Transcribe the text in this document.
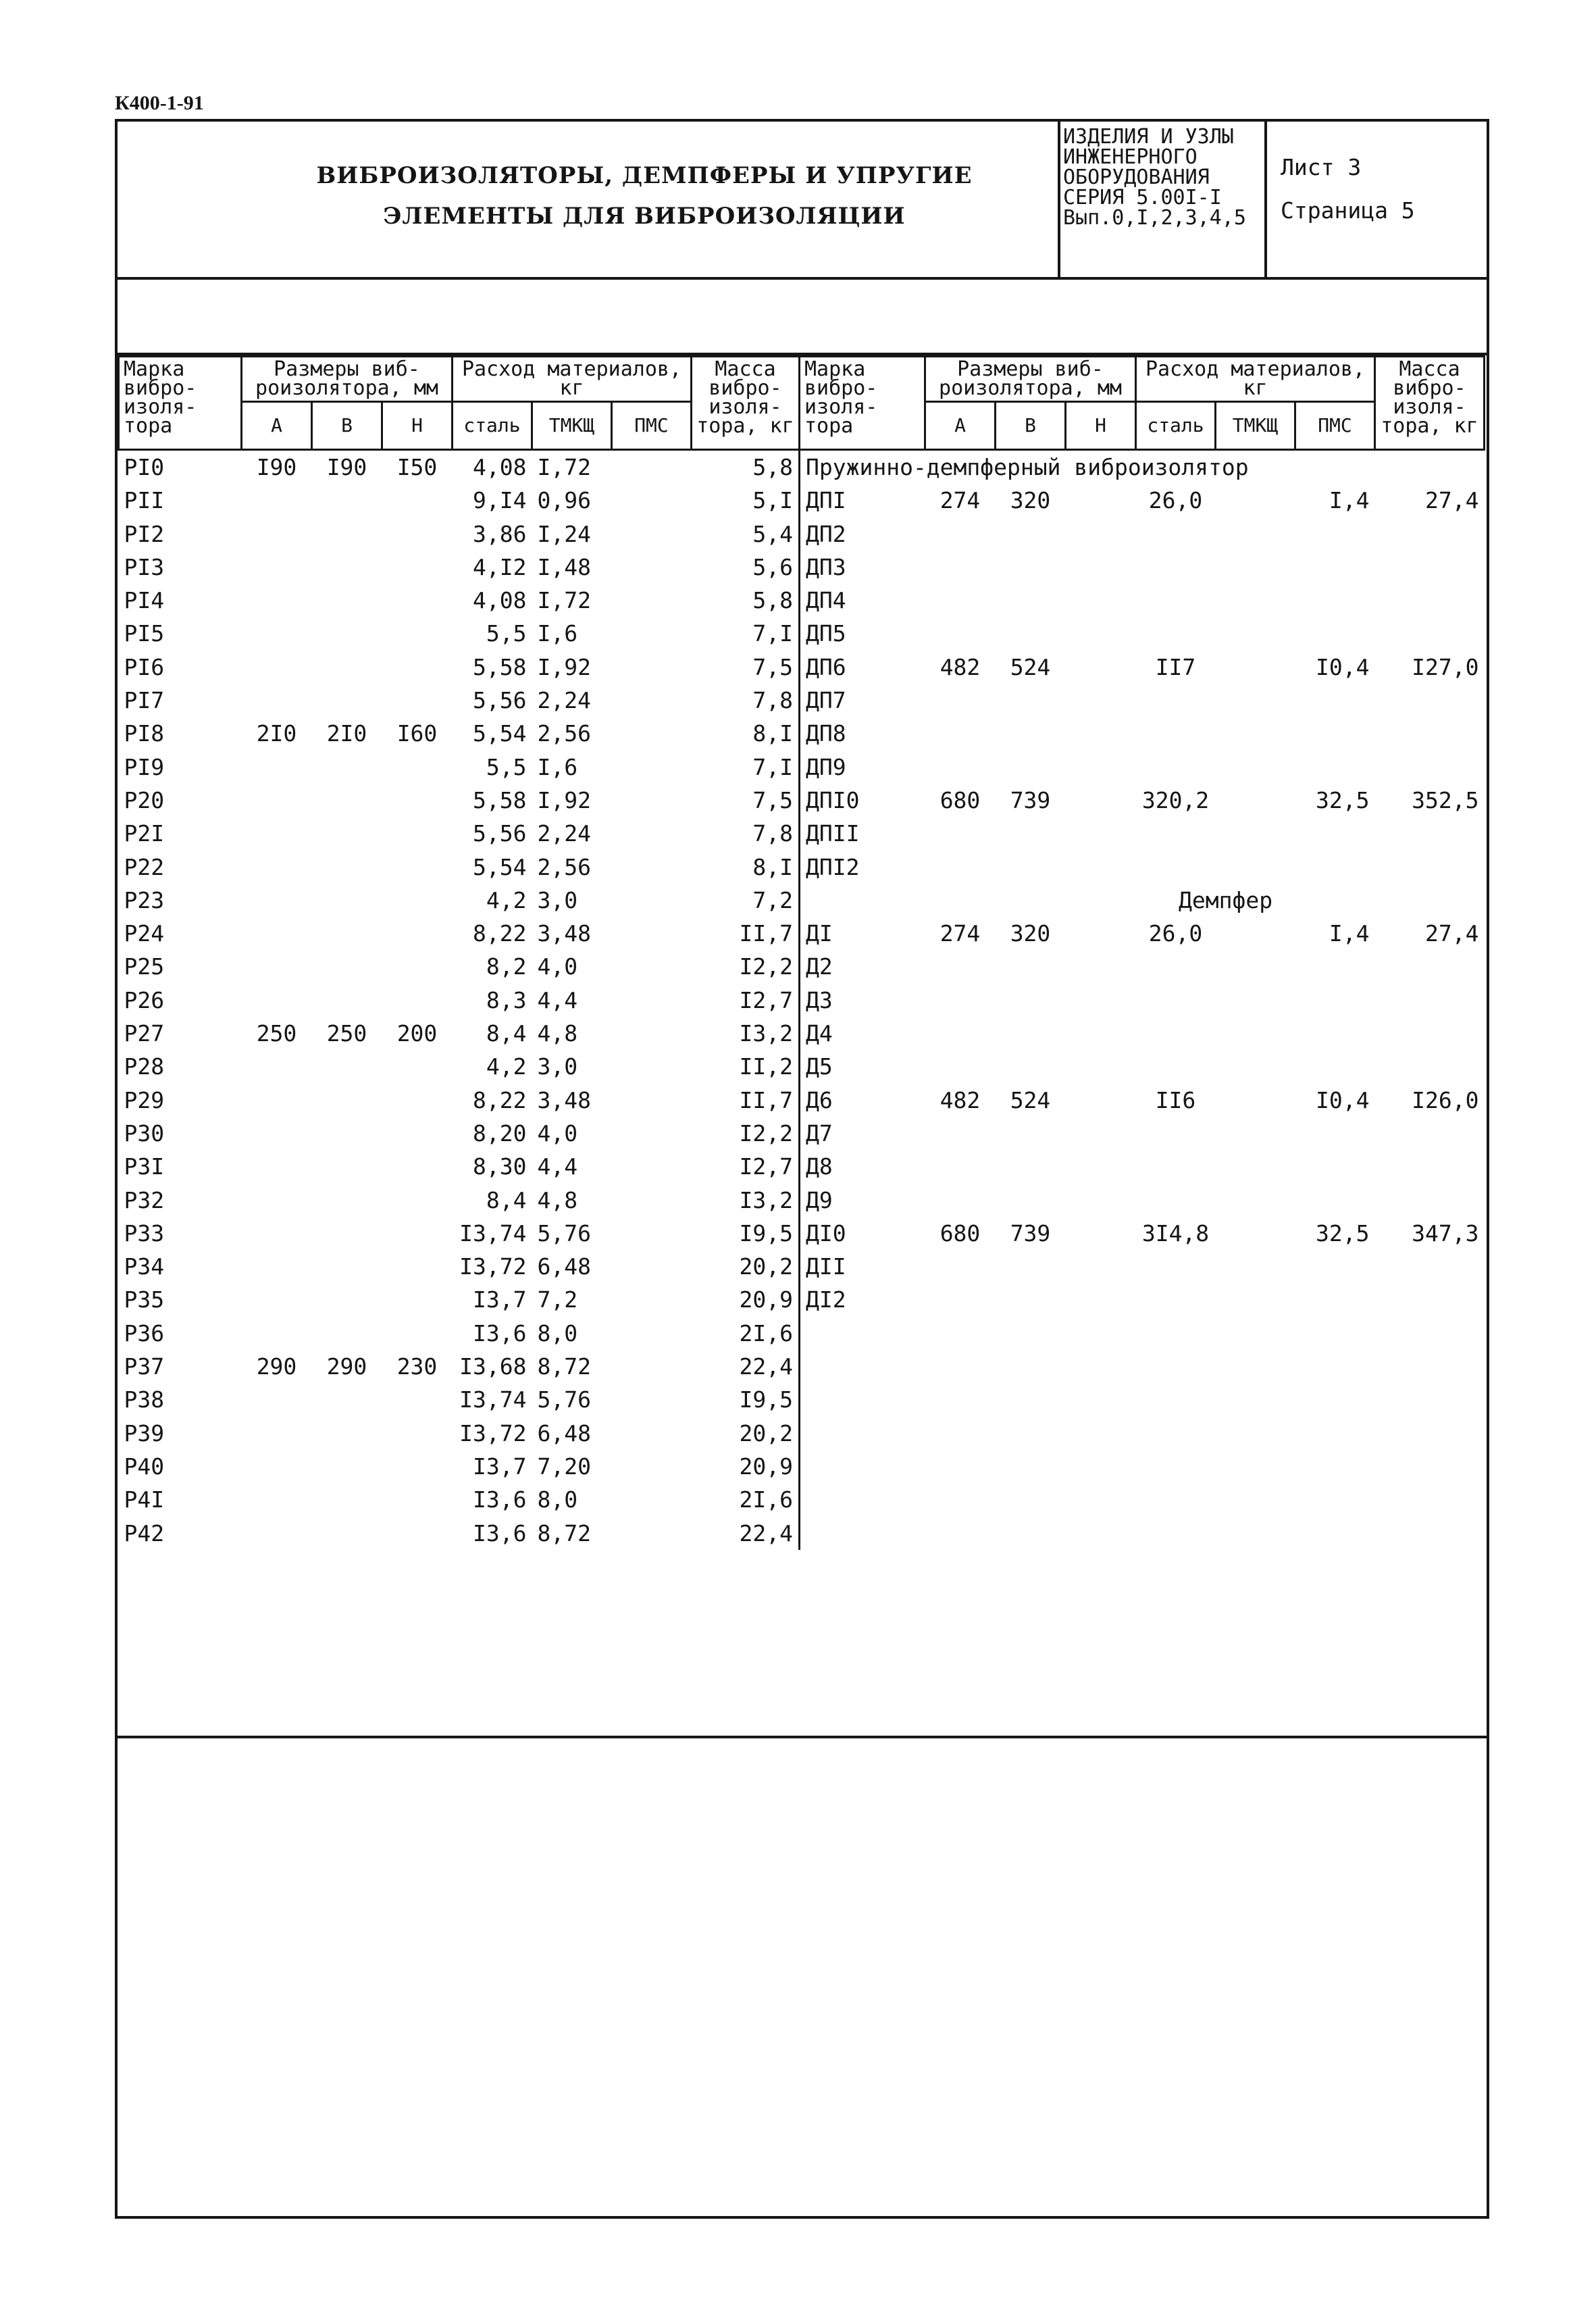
К400-1-91
ВИБРОИЗОЛЯТОРЫ, ДЕМПФЕРЫ И УПРУГИЕ
ЭЛЕМЕНТЫ ДЛЯ ВИБРОИЗОЛЯЦИИ
ИЗДЕЛИЯ И УЗЛЫ
ИНЖЕНЕРНОГО
ОБОРУДОВАНИЯ
СЕРИЯ 5.00I-I
Вып.0,I,2,3,4,5
Лист 3
Страница 5
Марка вибро- изоля- тора	Размеры виб- роизолятора, мм			Расход материалов, кг			Масса вибро- изоля- тора, кг	Марка вибро- изоля- тора	Размеры виб- роизолятора, мм			Расход материалов, кг			Масса вибро- изоля- тора, кг
	А	В	Н	сталь	ТМКЩ	ПМС			А	В	Н	сталь	ТМКЩ	ПМС	
PI0	I90	I90	I50	4,08	I,72		5,8	Пружинно-демпферный виброизолятор							
PII				9,I4	0,96		5,I	ДПI	274	320		26,0		I,4	27,4
PI2				3,86	I,24		5,4	ДП2							
PI3				4,I2	I,48		5,6	ДП3							
PI4				4,08	I,72		5,8	ДП4							
PI5				5,5	I,6		7,I	ДП5							
PI6				5,58	I,92		7,5	ДП6	482	524		II7		I0,4	I27,0
PI7				5,56	2,24		7,8	ДП7							
PI8	2I0	2I0	I60	5,54	2,56		8,I	ДП8							
PI9				5,5	I,6		7,I	ДП9							
P20				5,58	I,92		7,5	ДПI0	680	739		320,2		32,5	352,5
P2I				5,56	2,24		7,8	ДПII							
P22				5,54	2,56		8,I	ДПI2							
P23				4,2	3,0		7,2	Демпфер							
P24				8,22	3,48		II,7	ДI	274	320		26,0		I,4	27,4
P25				8,2	4,0		I2,2	Д2							
P26				8,3	4,4		I2,7	Д3							
P27	250	250	200	8,4	4,8		I3,2	Д4							
P28				4,2	3,0		II,2	Д5							
P29				8,22	3,48		II,7	Д6	482	524		II6		I0,4	I26,0
P30				8,20	4,0		I2,2	Д7							
P3I				8,30	4,4		I2,7	Д8							
P32				8,4	4,8		I3,2	Д9							
P33				I3,74	5,76		I9,5	ДI0	680	739		3I4,8		32,5	347,3
P34				I3,72	6,48		20,2	ДII							
P35				I3,7	7,2		20,9	ДI2							
P36				I3,6	8,0		2I,6								
P37	290	290	230	I3,68	8,72		22,4								
P38				I3,74	5,76		I9,5								
P39				I3,72	6,48		20,2								
P40				I3,7	7,20		20,9								
P4I				I3,6	8,0		2I,6								
P42				I3,6	8,72		22,4								
